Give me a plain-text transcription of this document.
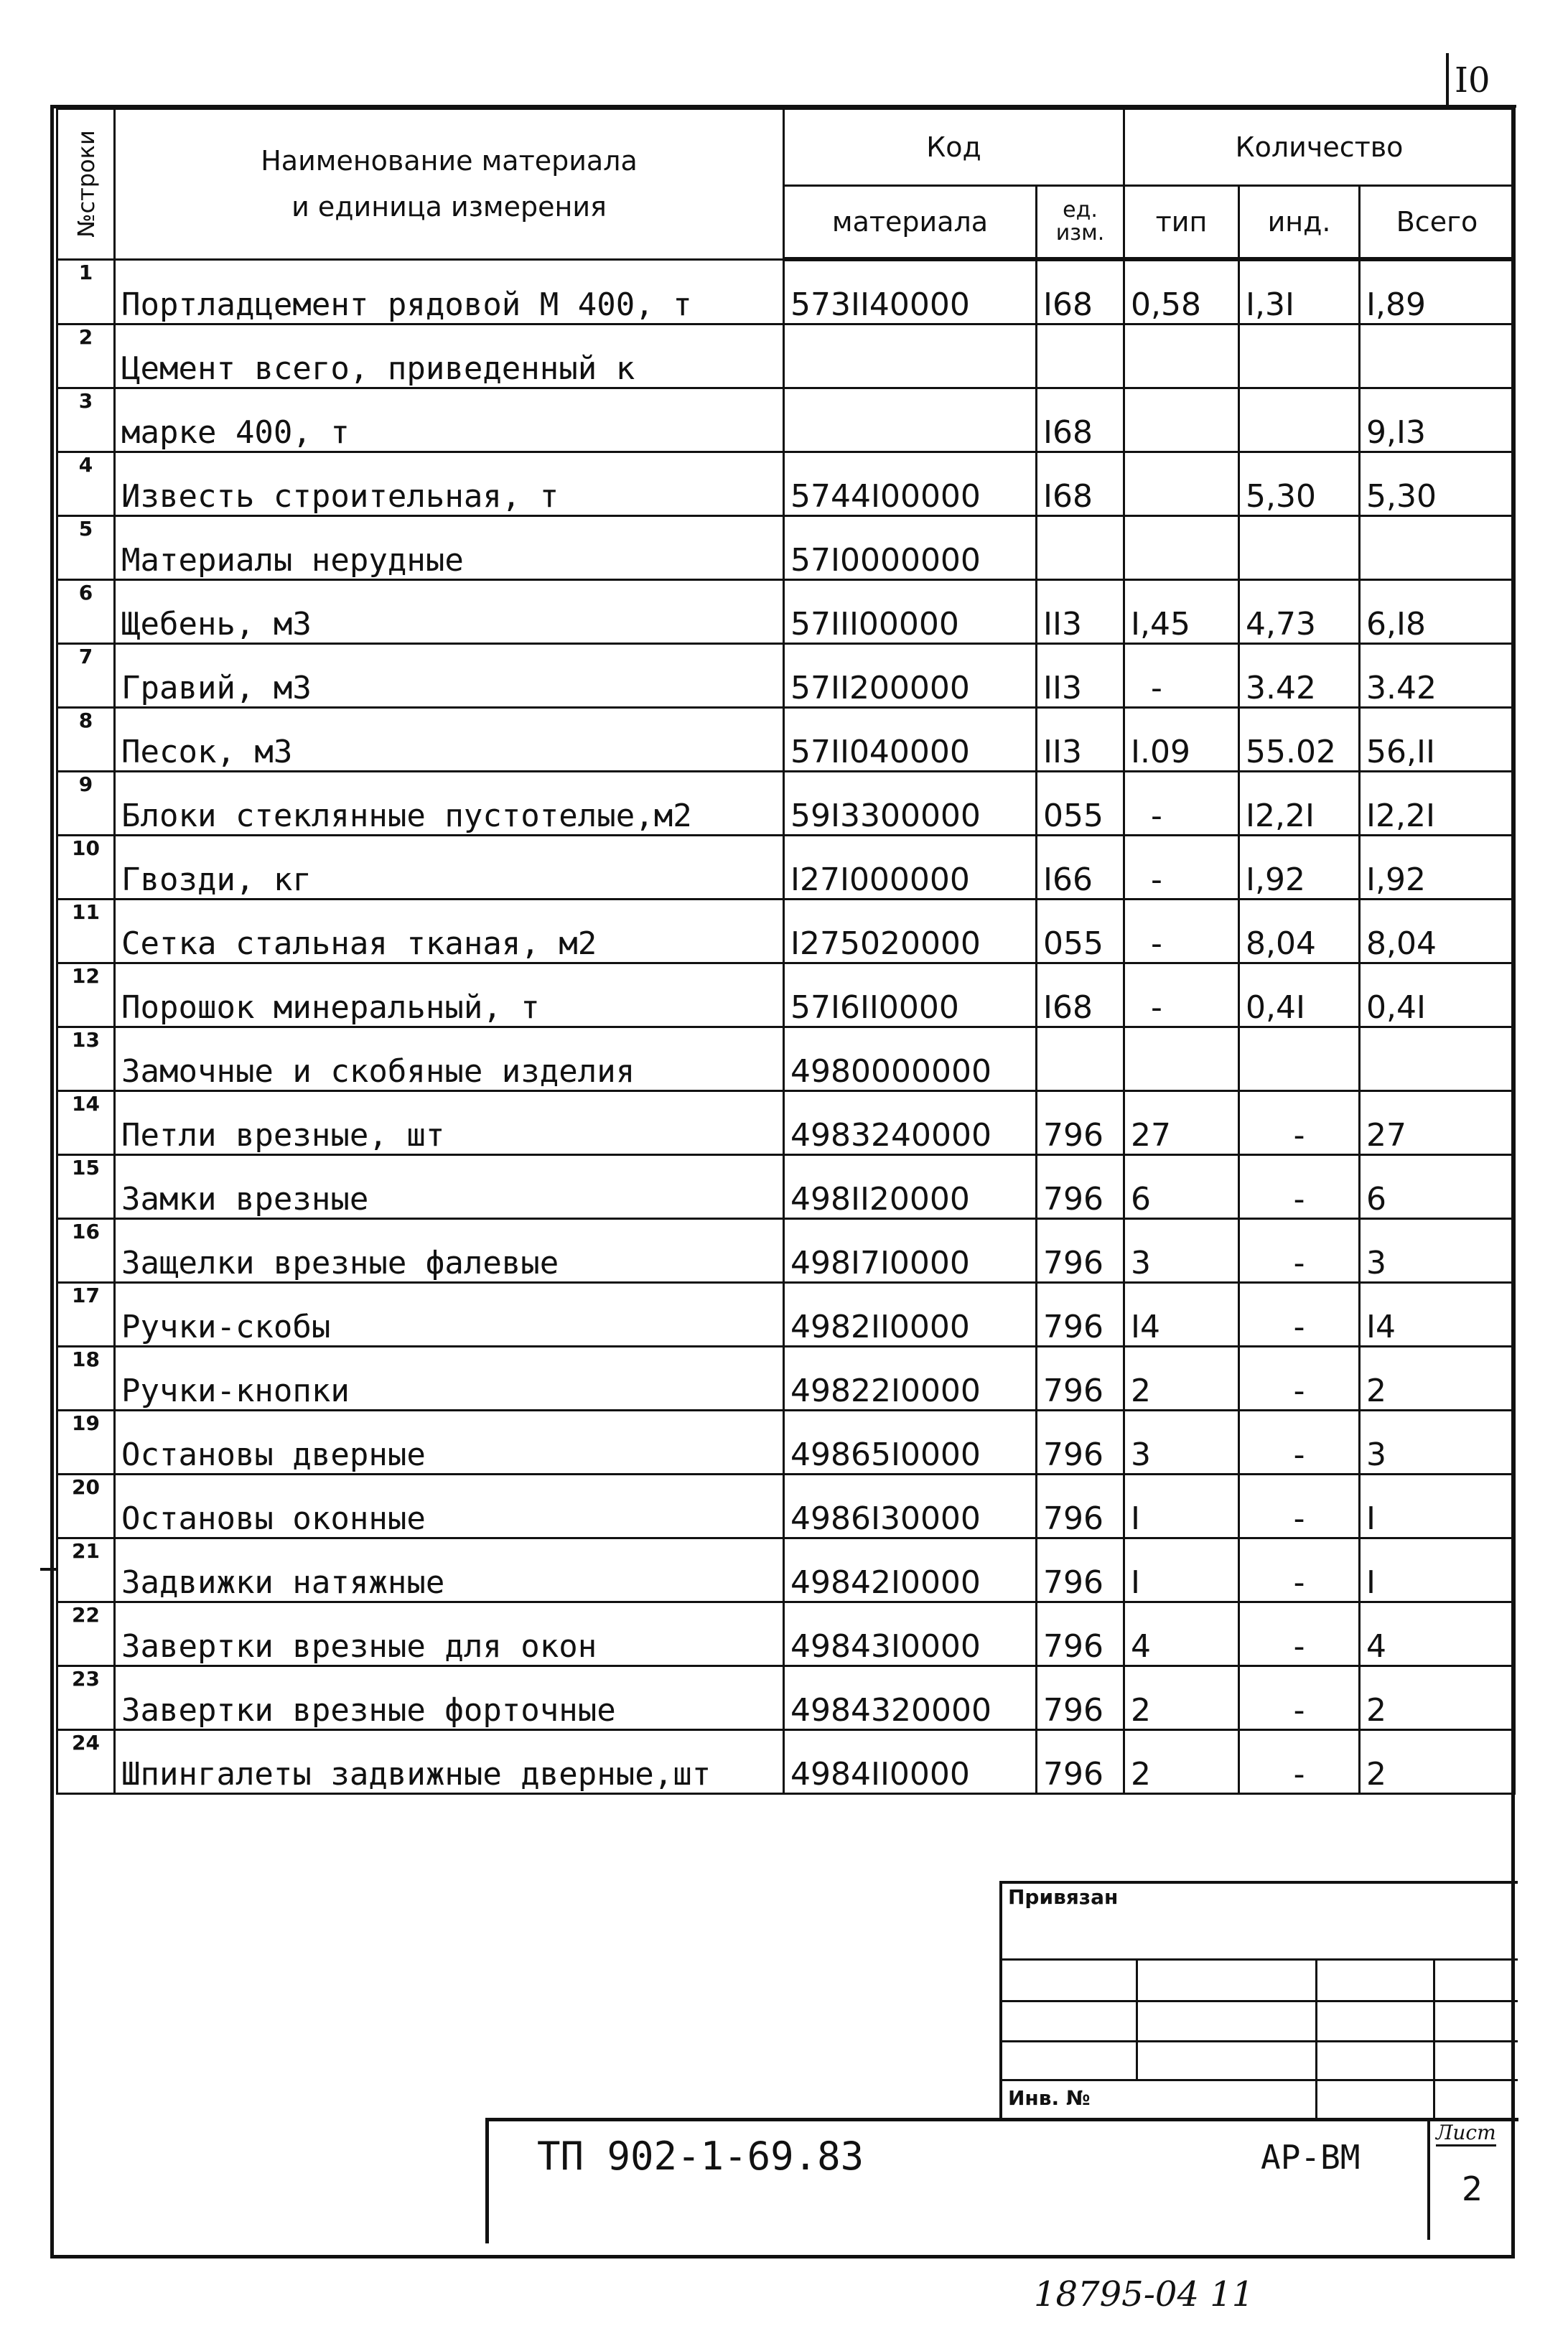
I0
№строки	Наименование материала
и единица измерения	Код		Количество		
		материала	ед. изм.	тип	инд.	Всего
1	Портладцемент рядовой М 400, т	573II40000	I68	0,58	I,3I	I,89
2	Цемент всего, приведенный к					
3	марке 400, т		I68			9,I3
4	Известь строительная, т	5744I00000	I68		5,30	5,30
5	Материалы нерудные	57I0000000				
6	Щебень, м3	57III00000	II3	I,45	4,73	6,I8
7	Гравий, м3	57II200000	II3	-	3.42	3.42
8	Песок, м3	57II040000	II3	I.09	55.02	56,II
9	Блоки стеклянные пустотелые,м2	59I3300000	055	-	I2,2I	I2,2I
10	Гвозди, кг	I27I000000	I66	-	I,92	I,92
11	Сетка стальная тканая, м2	I275020000	055	-	8,04	8,04
12	Порошок минеральный, т	57I6II0000	I68	-	0,4I	0,4I
13	Замочные и скобяные изделия	4980000000				
14	Петли врезные, шт	4983240000	796	27	-	27
15	Замки врезные	498II20000	796	6	-	6
16	Защелки врезные фалевые	498I7I0000	796	3	-	3
17	Ручки-скобы	4982II0000	796	I4	-	I4
18	Ручки-кнопки	49822I0000	796	2	-	2
19	Остановы дверные	49865I0000	796	3	-	3
20	Остановы оконные	4986I30000	796	I	-	I
21	Задвижки натяжные	49842I0000	796	I	-	I
22	Завертки врезные для окон	49843I0000	796	4	-	4
23	Завертки врезные форточные	4984320000	796	2	-	2
24	Шпингалеты задвижные дверные,шт	4984II0000	796	2	-	2
Привязан
Инв. №
ТП 902-1-69.83	АР-ВМ
Лист
2
18795-04 11
